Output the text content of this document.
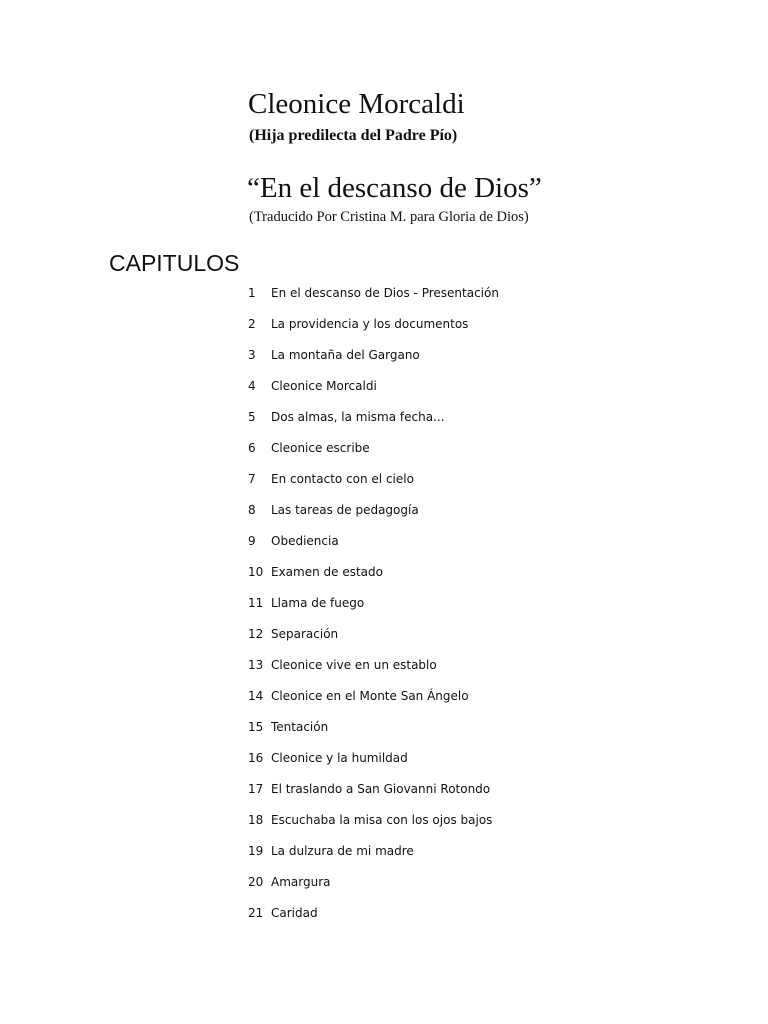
Cleonice Morcaldi
(Hija predilecta del Padre Pío)
“En el descanso de Dios”
(Traducido Por Cristina M. para Gloria de Dios)
CAPITULOS
1 En el descanso de Dios - Presentación
2 La providencia y los documentos
3 La montaña del Gargano
4 Cleonice Morcaldi
5 Dos almas, la misma fecha...
6 Cleonice escribe
7 En contacto con el cielo
8 Las tareas de pedagogía
9 Obediencia
10 Examen de estado
11 Llama de fuego
12 Separación
13 Cleonice vive en un establo
14 Cleonice en el Monte San Ángelo
15 Tentación
16 Cleonice y la humildad
17 El traslando a San Giovanni Rotondo
18 Escuchaba la misa con los ojos bajos
19 La dulzura de mi madre
20 Amargura
21 Caridad
